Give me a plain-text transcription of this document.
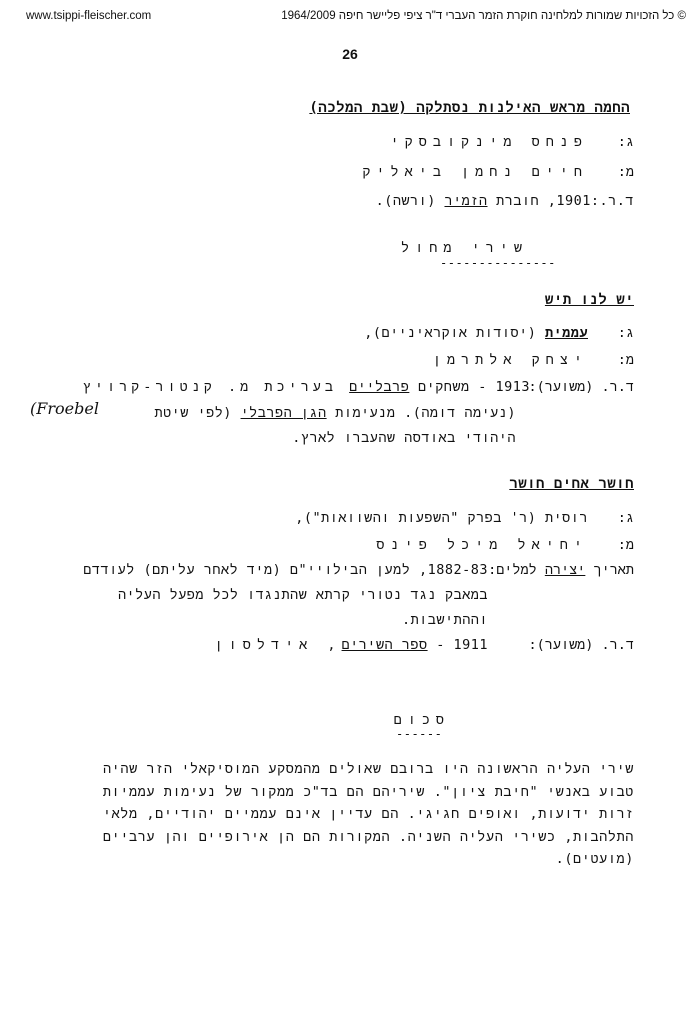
www.tsippi-fleischer.com	© כל הזכויות שמורות למלחינה חוקרת הזמר העברי ד"ר ציפי פליישר חיפה 1964/2009
26
החמה מראש האילנות נסתלקה (שבת המלכה)
ג:
פנחס מינקובסקי
מ:
חיים נחמן ביאליק
ד.ר.:1901, חוברת הזמיר (ורשה).
שירי מחול
---------------
יש לנו תיש
ג:
עממית (יסודות אוקראיניים),
מ:
יצחק אלתרמן
ד.ר. (משוער):
1913 - משחקים פרבליים בעריכת מ. קנטור-קרויץ
(נעימה דומה). מנעימות הגן הפרבלי (לפי שיטת
(Froebel
היהודי באודסה שהעברו לארץ.
חושר אחים חושר
ג:
רוסית (ר' בפרק "השפעות והשוואות"),
מ:
יחיאל מיכל פינס
תאריך יצירה למלים:
1882-83, למען הבילויי"ם (מיד לאחר עליתם) לעודדם
במאבק נגד נטורי קרתא שהתנגדו לכל מפעל העליה
וההתישבות.
ד.ר. (משוער):
1911 - ספר השירים, אידלסון
סכום
------
שירי העליה הראשונה היו ברובם שאולים מהמסקע המוסיקאלי הזר שהיה
טבוע באנשי "חיבת ציון". שיריהם הם בד"כ ממקור של נעימות עממיות
זרות ידועות, ואופים חגיגי. הם עדיין אינם עממיים יהודיים, מלאי
התלהבות, כשירי העליה השניה. המקורות הם הן אירופיים והן ערביים
(מועטים).
